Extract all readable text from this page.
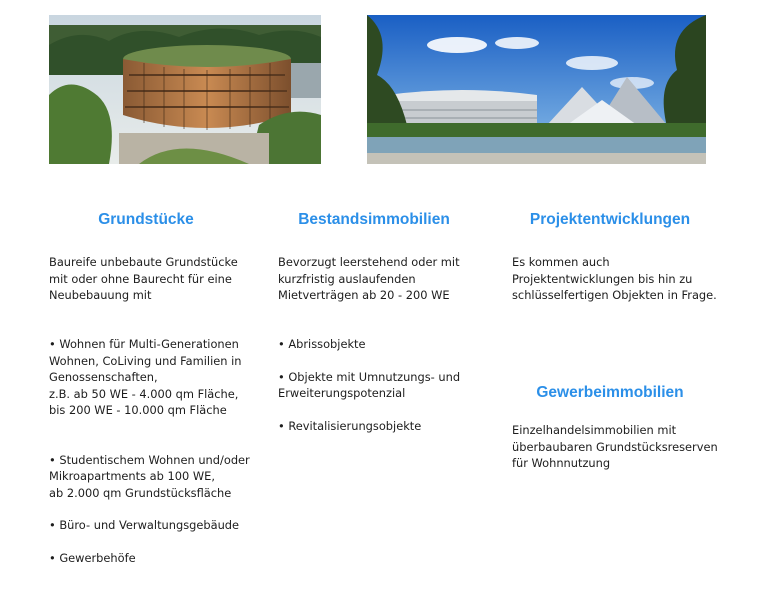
Grundstücke
Baureife unbebaute Grundstücke
mit oder ohne Baurecht für eine
Neubebauung mit
• Wohnen für Multi-Generationen
Wohnen, CoLiving und Familien in
Genossenschaften,
z.B. ab 50 WE - 4.000 qm Fläche,
bis 200 WE - 10.000 qm Fläche
• Studentischem Wohnen und/oder
Mikroapartments ab 100 WE,
ab 2.000 qm Grundstücksfläche
• Büro- und Verwaltungsgebäude
• Gewerbehöfe
Bestandsimmobilien
Bevorzugt leerstehend oder mit
kurzfristig auslaufenden
Mietverträgen ab 20 - 200 WE
• Abrissobjekte
• Objekte mit Umnutzungs- und
Erweiterungspotenzial
• Revitalisierungsobjekte
Projektentwicklungen
Es kommen auch
Projektentwicklungen bis hin zu
schlüsselfertigen Objekten in Frage.
Gewerbeimmobilien
Einzelhandelsimmobilien mit
überbaubaren Grundstücksreserven
für Wohnnutzung
